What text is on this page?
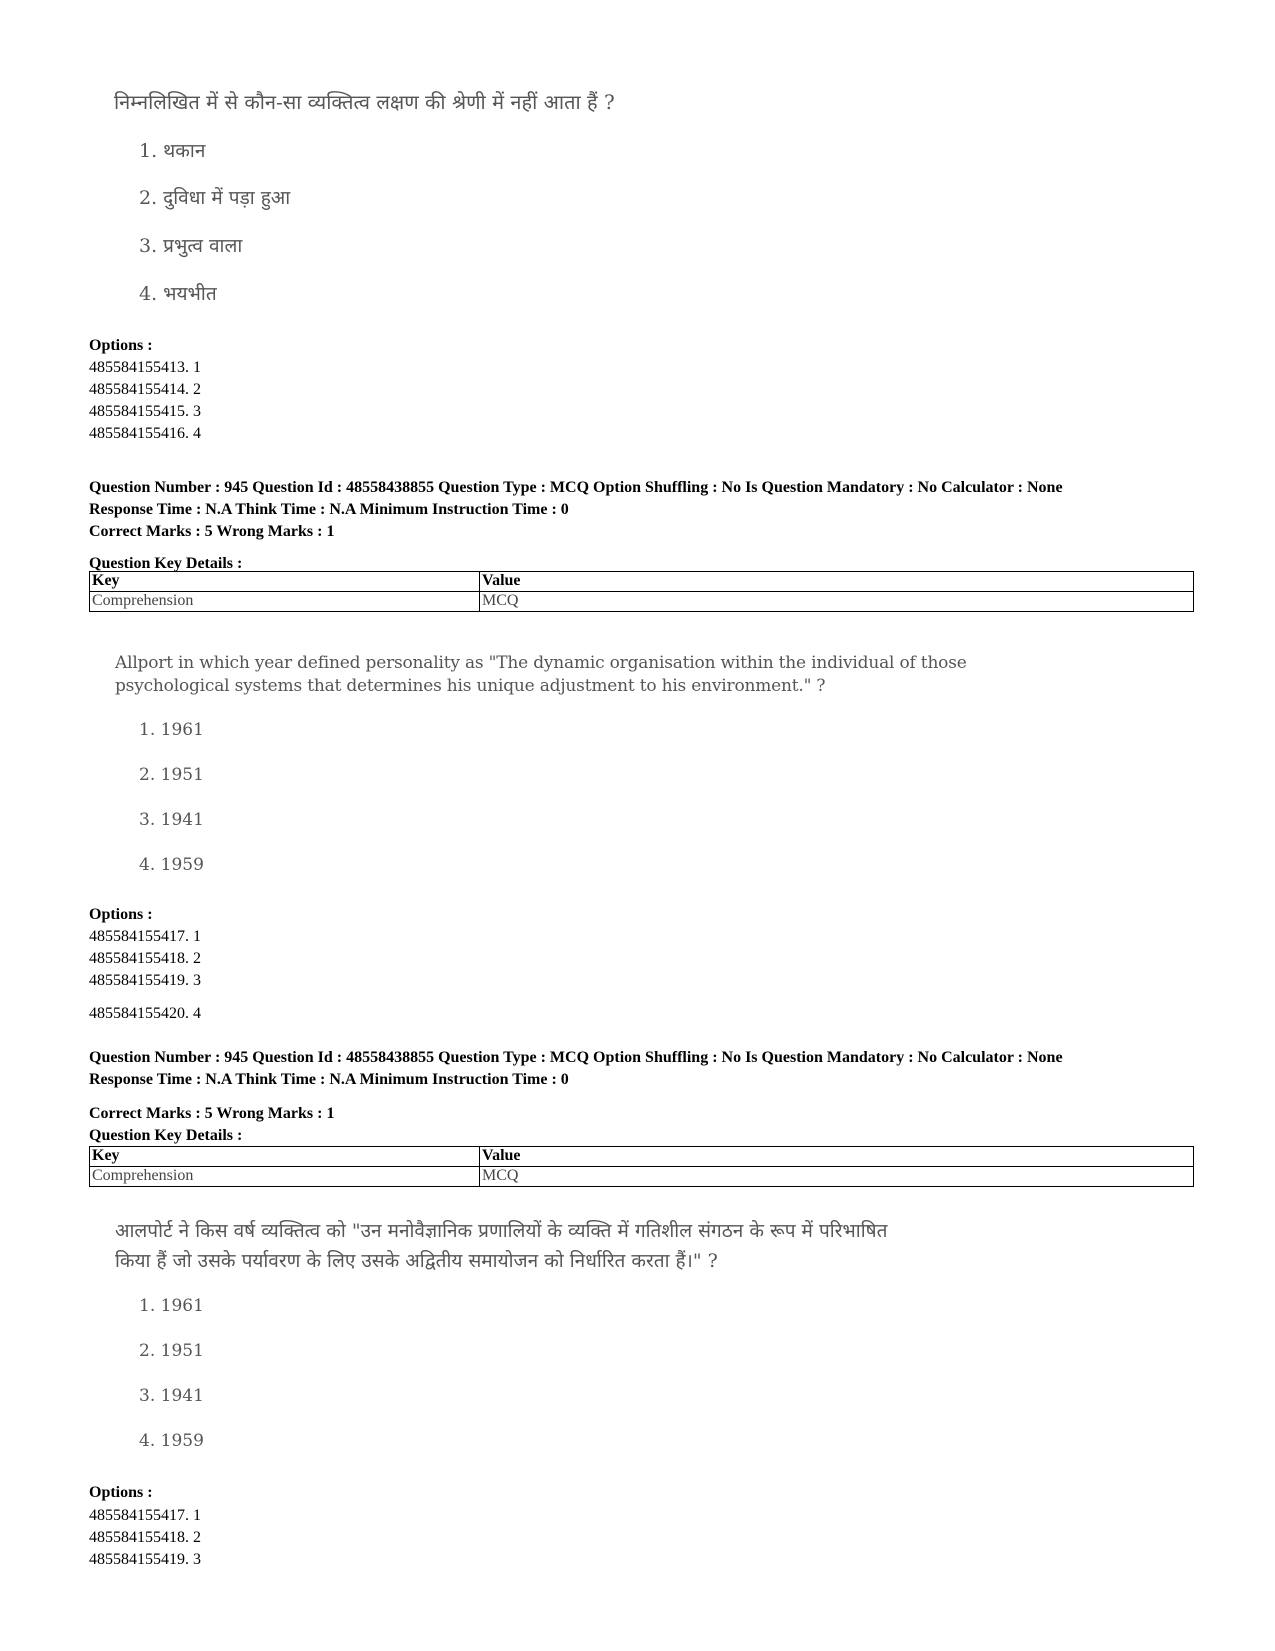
निम्नलिखित में से कौन-सा व्यक्तित्व लक्षण की श्रेणी में नहीं आता हैं ?
1. थकान
2. दुविधा में पड़ा हुआ
3. प्रभुत्व वाला
4. भयभीत
Options :
485584155413. 1
485584155414. 2
485584155415. 3
485584155416. 4
Question Number : 945 Question Id : 48558438855 Question Type : MCQ Option Shuffling : No Is Question Mandatory : No Calculator : None
Response Time : N.A Think Time : N.A Minimum Instruction Time : 0
Correct Marks : 5 Wrong Marks : 1
Question Key Details :
Key	Value
Comprehension	MCQ
Allport in which year defined personality as "The dynamic organisation within the individual of those
psychological systems that determines his unique adjustment to his environment." ?
1. 1961
2. 1951
3. 1941
4. 1959
Options :
485584155417. 1
485584155418. 2
485584155419. 3
485584155420. 4
Question Number : 945 Question Id : 48558438855 Question Type : MCQ Option Shuffling : No Is Question Mandatory : No Calculator : None
Response Time : N.A Think Time : N.A Minimum Instruction Time : 0
Correct Marks : 5 Wrong Marks : 1
Question Key Details :
Key	Value
Comprehension	MCQ
आलपोर्ट ने किस वर्ष व्यक्तित्व को "उन मनोवैज्ञानिक प्रणालियों के व्यक्ति में गतिशील संगठन के रूप में परिभाषित
किया हैं जो उसके पर्यावरण के लिए उसके अद्वितीय समायोजन को निर्धारित करता हैं।" ?
1. 1961
2. 1951
3. 1941
4. 1959
Options :
485584155417. 1
485584155418. 2
485584155419. 3
